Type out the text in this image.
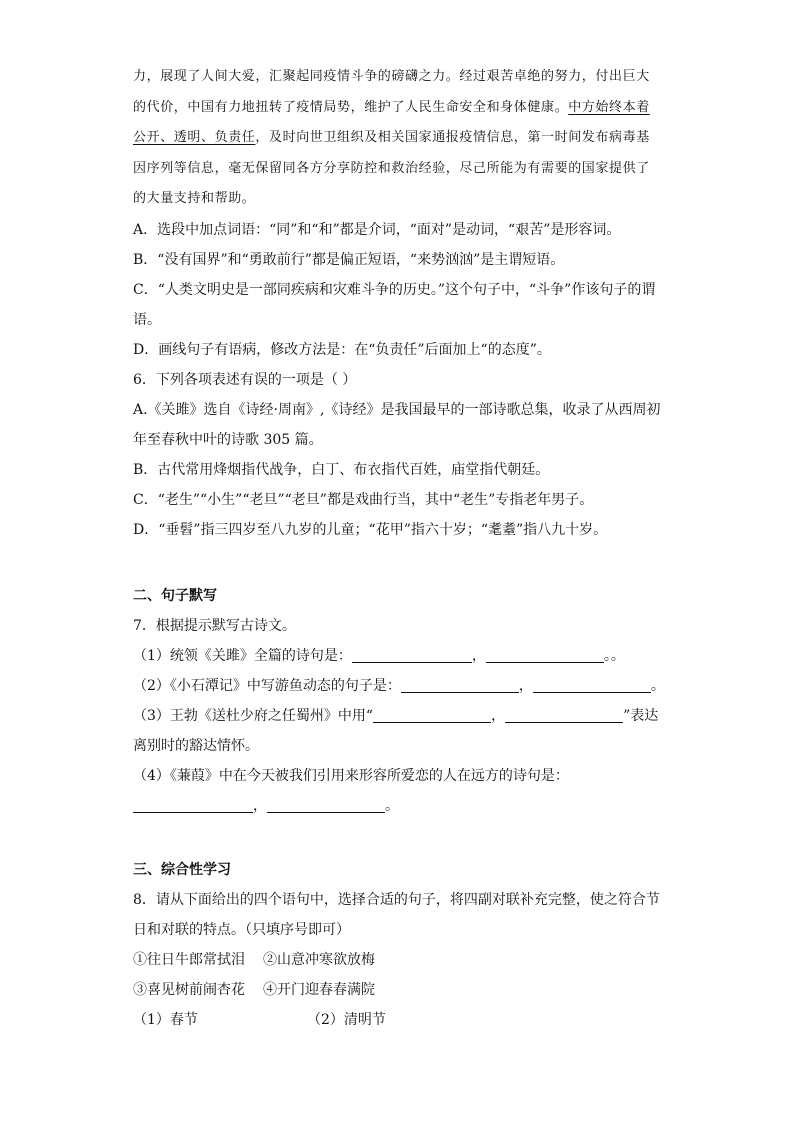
力，展现了人间大爱，汇聚起同疫情斗争的磅礴之力。经过艰苦卓绝的努力，付出巨大
的代价，中国有力地扭转了疫情局势，维护了人民生命安全和身体健康。中方始终本着
公开、透明、负责任，及时向世卫组织及相关国家通报疫情信息，第一时间发布病毒基
因序列等信息，毫无保留同各方分享防控和救治经验，尽己所能为有需要的国家提供了
的大量支持和帮助。
A．选段中加点词语：“同”和“和”都是介词，“面对”是动词，“艰苦”是形容词。
B．“没有国界”和“勇敢前行”都是偏正短语，“来势汹汹”是主谓短语。
C．“人类文明史是一部同疾病和灾难斗争的历史。”这个句子中，“斗争”作该句子的谓
语。
D．画线句子有语病，修改方法是：在“负责任”后面加上“的态度”。
6．下列各项表述有误的一项是（ ）
A.《关雎》选自《诗经·周南》,《诗经》是我国最早的一部诗歌总集，收录了从西周初
年至春秋中叶的诗歌 305 篇。
B．古代常用烽烟指代战争，白丁、布衣指代百姓，庙堂指代朝廷。
C．“老生”“小生”“老旦”“老旦”都是戏曲行当，其中“老生”专指老年男子。
D．“垂髫”指三四岁至八九岁的儿童；“花甲”指六十岁；“耄耋”指八九十岁。
二、句子默写
7．根据提示默写古诗文。
（1）统领《关雎》全篇的诗句是：	，	。。
（2）《小石潭记》中写游鱼动态的句子是：	，	。
（3）王勃《送杜少府之任蜀州》中用“	，	”表达
离别时的豁达情怀。
（4）《蒹葭》中在今天被我们引用来形容所爱恋的人在远方的诗句是：
，	。
三、综合性学习
8．请从下面给出的四个语句中，选择合适的句子，将四副对联补充完整，使之符合节
日和对联的特点。（只填序号即可）
①往日牛郎常拭泪 ②山意冲寒欲放梅
③喜见树前闹杏花 ④开门迎春春满院
（1）春节	（2）清明节
